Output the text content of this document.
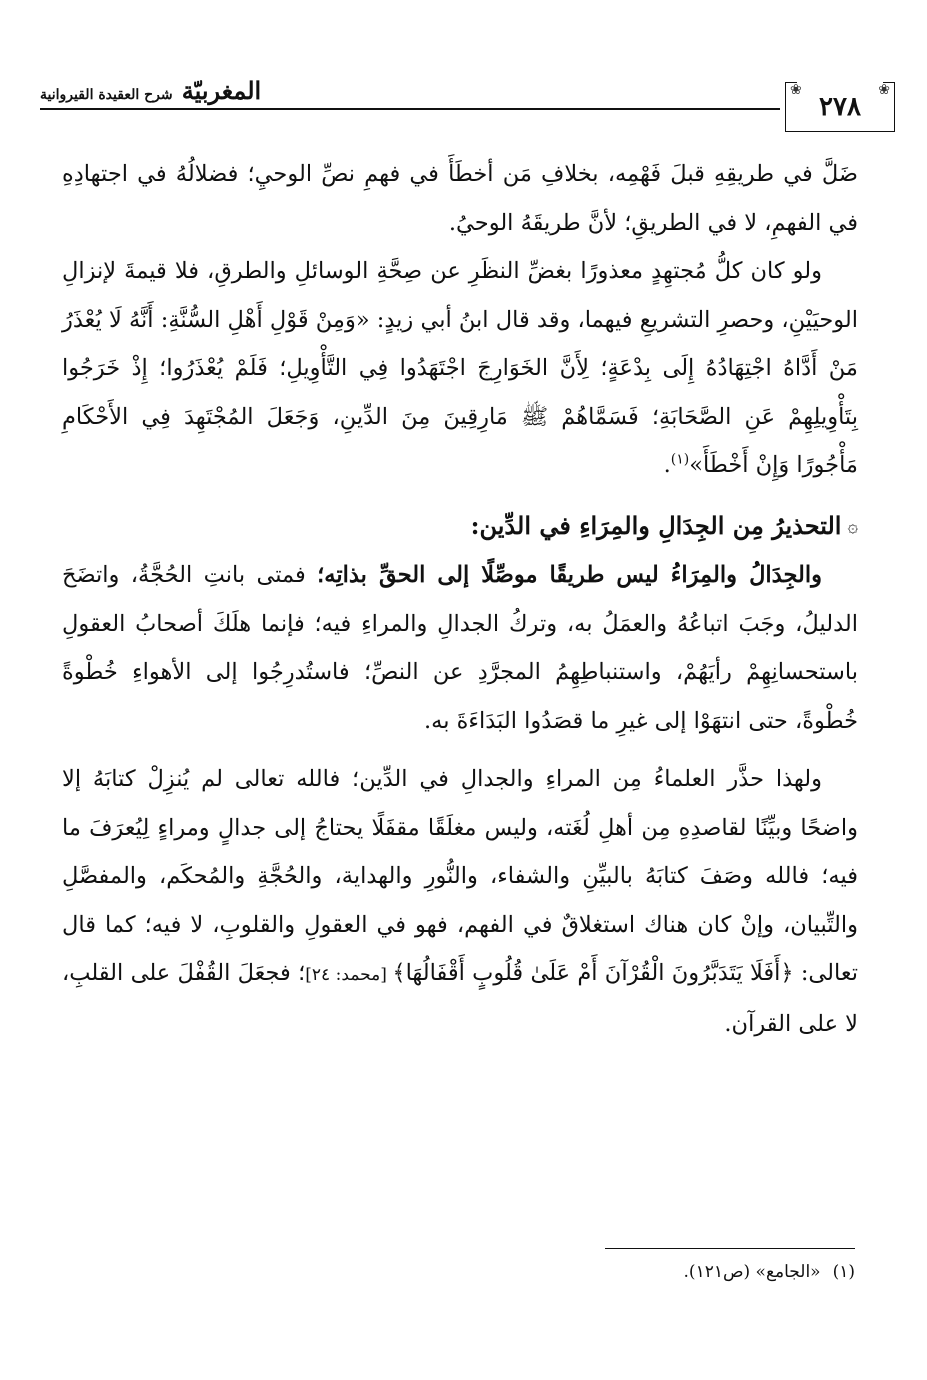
المغربيّة شرح العقيدة القيروانية	❀	❀
٢٧٨

ضَلَّ في طريقِهِ قبلَ فَهْمِه، بخلافِ مَن أخطَأَ في فهمِ نصِّ الوحيِ؛ فضلالُهُ في اجتهادِهِ في الفهمِ، لا في الطريقِ؛ لأنَّ طريقَهُ الوحيُ.

ولو كان كلُّ مُجتهِدٍ معذورًا بغضِّ النظَرِ عن صِحَّةِ الوسائلِ والطرقِ، فلا قيمةَ لإنزالِ الوحيَيْنِ، وحصرِ التشريعِ فيهما، وقد قال ابنُ أبي زيدٍ: «وَمِنْ قَوْلِ أَهْلِ السُّنَّةِ: أَنَّهُ لَا يُعْذَرُ مَنْ أَدَّاهُ اجْتِهَادُهُ إِلَى بِدْعَةٍ؛ لِأَنَّ الخَوَارِجَ اجْتَهَدُوا فِي التَّأْوِيلِ؛ فَلَمْ يُعْذَرُوا؛ إِذْ خَرَجُوا بِتَأْوِيلِهِمْ عَنِ الصَّحَابَةِ؛ فَسَمَّاهُمْ ﷺ مَارِقِينَ مِنَ الدِّينِ، وَجَعَلَ المُجْتَهِدَ فِي الأَحْكَامِ مَأْجُورًا وَإِنْ أَخْطَأَ»$^{(١)}$.

۞التحذيرُ مِن الجِدَالِ والمِرَاءِ في الدِّين:

والجِدَالُ والمِرَاءُ ليس طريقًا موصِّلًا إلى الحقِّ بذاتِه؛ فمتى بانتِ الحُجَّةُ، واتضَحَ الدليلُ، وجَبَ اتباعُهُ والعمَلُ به، وتركُ الجدالِ والمراءِ فيه؛ فإنما هلَكَ أصحابُ العقولِ باستحسانِهِمْ رأيَهُمْ، واستنباطِهِمُ المجرَّدِ عن النصِّ؛ فاستُدرِجُوا إلى الأهواءِ خُطْوةً خُطْوةً، حتى انتهَوْا إلى غيرِ ما قصَدُوا البَدَاءَةَ به.

ولهذا حذَّر العلماءُ مِن المراءِ والجدالِ في الدِّين؛ فالله تعالى لم يُنزِلْ كتابَهُ إلا واضحًا وبيِّنًا لقاصدِهِ مِن أهلِ لُغَته، وليس مغلَقًا مقفَلًا يحتاجُ إلى جدالٍ ومراءٍ لِيُعرَفَ ما فيه؛ فالله وصَفَ كتابَهُ بالبيِّنِ والشفاء، والنُّورِ والهداية، والحُجَّةِ والمُحكَم، والمفصَّلِ والتِّبيان، وإنْ كان هناك استغلاقٌ في الفهم، فهو في العقولِ والقلوبِ، لا فيه؛ كما قال تعالى: ﴿أَفَلَا يَتَدَبَّرُونَ الْقُرْآنَ أَمْ عَلَىٰ قُلُوبٍ أَقْفَالُهَا﴾ [محمد: ٢٤]؛ فجعَلَ القُفْلَ على القلبِ، لا على القرآن.

(١)«الجامع» (ص١٢١).
